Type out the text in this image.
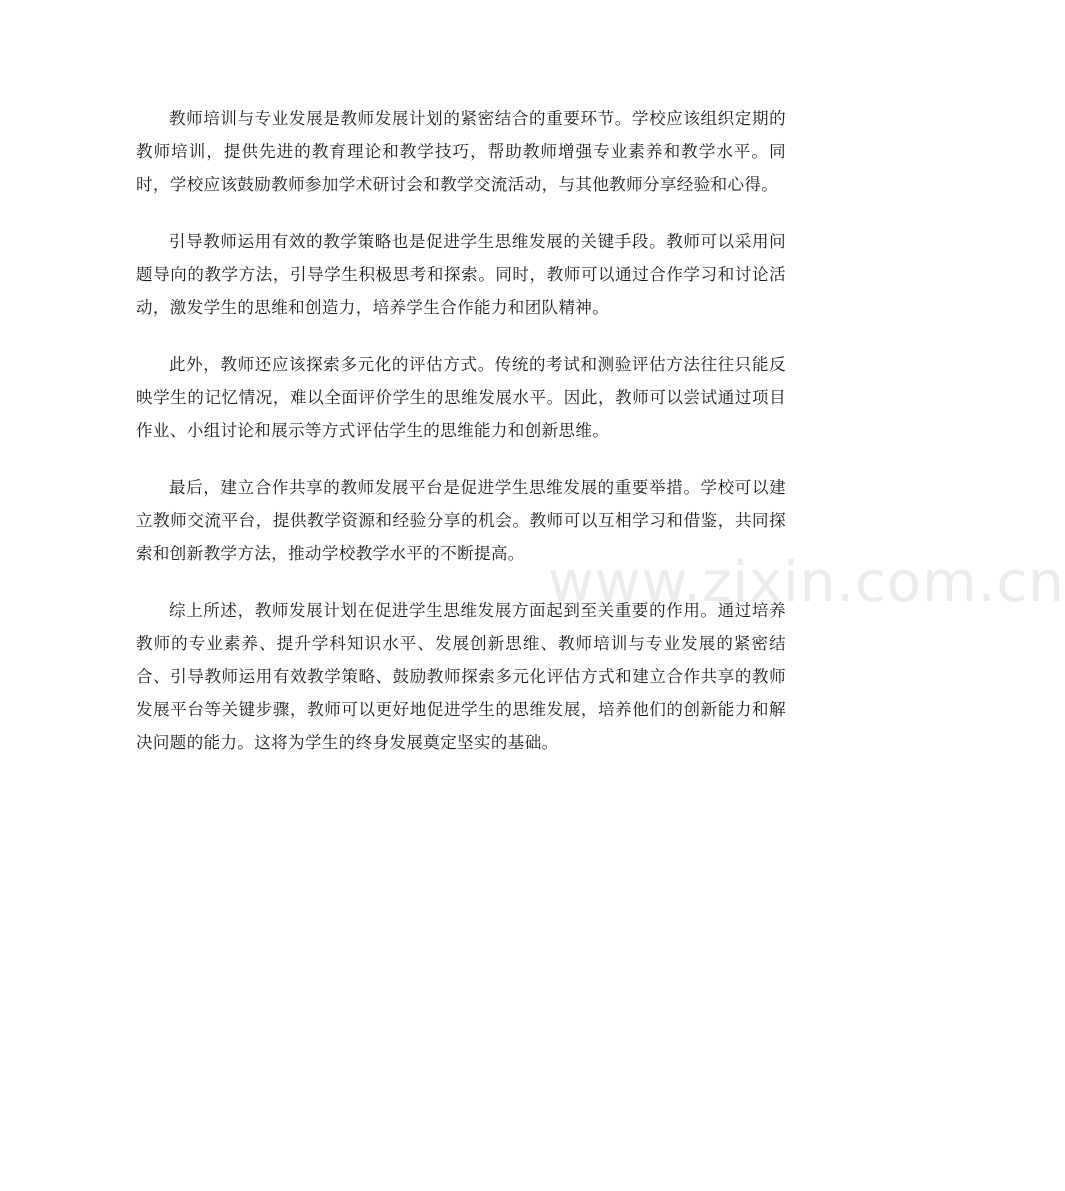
教师培训与专业发展是教师发展计划的紧密结合的重要环节。学校应该组织定期的教师培训，提供先进的教育理论和教学技巧，帮助教师增强专业素养和教学水平。同时，学校应该鼓励教师参加学术研讨会和教学交流活动，与其他教师分享经验和心得。

引导教师运用有效的教学策略也是促进学生思维发展的关键手段。教师可以采用问题导向的教学方法，引导学生积极思考和探索。同时，教师可以通过合作学习和讨论活动，激发学生的思维和创造力，培养学生合作能力和团队精神。

此外，教师还应该探索多元化的评估方式。传统的考试和测验评估方法往往只能反映学生的记忆情况，难以全面评价学生的思维发展水平。因此，教师可以尝试通过项目作业、小组讨论和展示等方式评估学生的思维能力和创新思维。

最后，建立合作共享的教师发展平台是促进学生思维发展的重要举措。学校可以建立教师交流平台，提供教学资源和经验分享的机会。教师可以互相学习和借鉴，共同探索和创新教学方法，推动学校教学水平的不断提高。

综上所述，教师发展计划在促进学生思维发展方面起到至关重要的作用。通过培养教师的专业素养、提升学科知识水平、发展创新思维、教师培训与专业发展的紧密结合、引导教师运用有效教学策略、鼓励教师探索多元化评估方式和建立合作共享的教师发展平台等关键步骤，教师可以更好地促进学生的思维发展，培养他们的创新能力和解决问题的能力。这将为学生的终身发展奠定坚实的基础。

www.zixin.com.cn
